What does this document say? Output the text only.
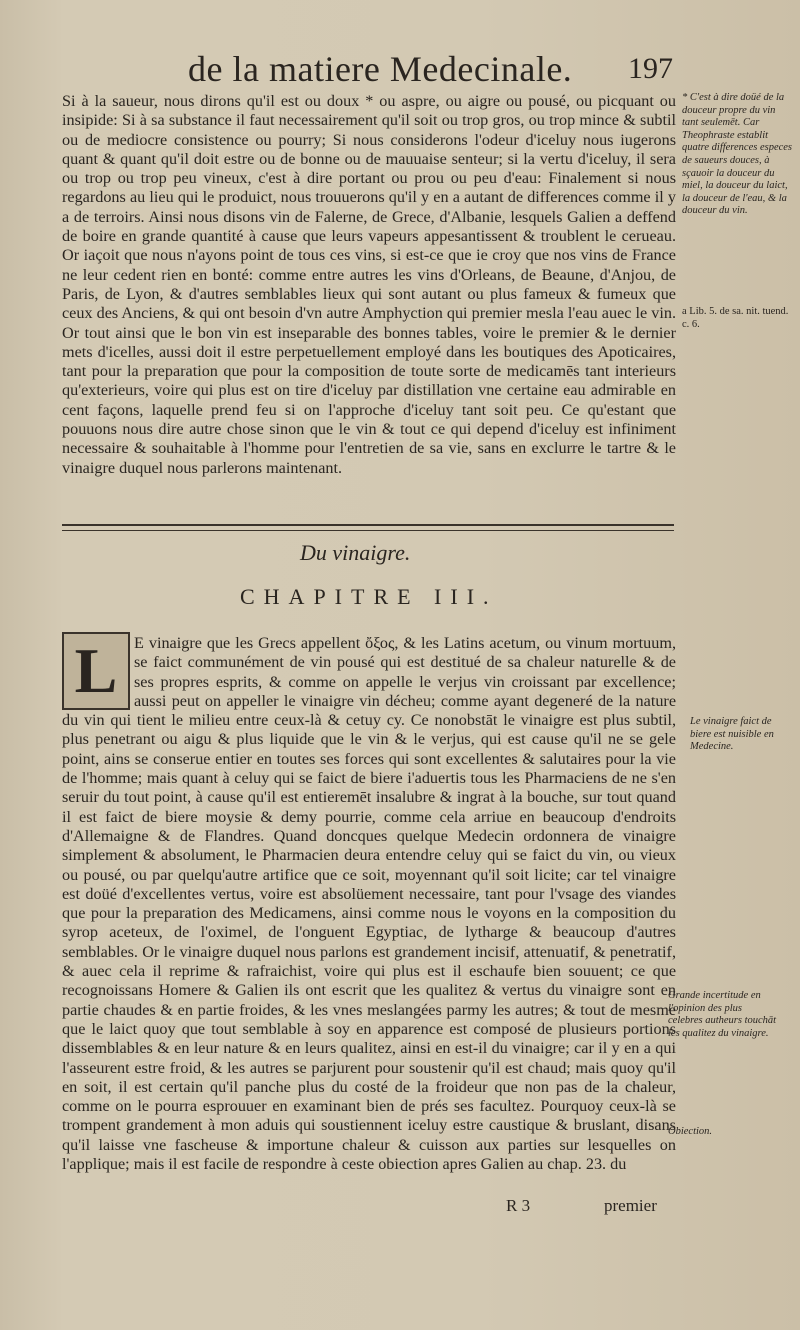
de la matiere Medecinale. 197

Si à la saueur, nous dirons qu'il est ou doux * ou aspre, ou aigre ou pousé, ou picquant ou insipide: Si à sa substance il faut necessairement qu'il soit ou trop gros, ou trop mince & subtil ou de mediocre consistence ou pourry; Si nous considerons l'odeur d'iceluy nous iugerons quant & quant qu'il doit estre ou de bonne ou de mauuaise senteur; si la vertu d'iceluy, il sera ou trop ou trop peu vineux, c'est à dire portant ou prou ou peu d'eau: Finalement si nous regardons au lieu qui le produict, nous trouuerons qu'il y en a autant de differences comme il y a de terroirs. Ainsi nous disons vin de Falerne, de Grece, d'Albanie, lesquels Galien a deffend de boire en grande quantité à cause que leurs vapeurs appesantissent & troublent le cerueau. Or iaçoit que nous n'ayons point de tous ces vins, si est-ce que ie croy que nos vins de France ne leur cedent rien en bonté: comme entre autres les vins d'Orleans, de Beaune, d'Anjou, de Paris, de Lyon, & d'autres semblables lieux qui sont autant ou plus fameux & fumeux que ceux des Anciens, & qui ont besoin d'vn autre Amphyction qui premier mesla l'eau auec le vin. Or tout ainsi que le bon vin est inseparable des bonnes tables, voire le premier & le dernier mets d'icelles, aussi doit il estre perpetuellement employé dans les boutiques des Apoticaires, tant pour la preparation que pour la composition de toute sorte de medicamēs tant interieurs qu'exterieurs, voire qui plus est on tire d'iceluy par distillation vne certaine eau admirable en cent façons, laquelle prend feu si on l'approche d'iceluy tant soit peu. Ce qu'estant que pouuons nous dire autre chose sinon que le vin & tout ce qui depend d'iceluy est infiniment necessaire & souhaitable à l'homme pour l'entretien de sa vie, sans en exclurre le tartre & le vinaigre duquel nous parlerons maintenant.

* C'est à dire doüé de la douceur propre du vin tant seulemēt. Car Theophraste establit quatre differences especes de saueurs douces, à sçauoir la douceur du miel, la douceur du laict, la douceur de l'eau, & la douceur du vin.
a Lib. 5. de sa. nit. tuend. c. 6.
Du vinaigre.
CHAPITRE III.
L	E vinaigre que les Grecs appellent ὄξος, & les Latins acetum, ou vinum mortuum, se faict communément de vin pousé qui est destitué de sa chaleur naturelle & de ses propres esprits, & comme on appelle le verjus vin croissant par excellence; aussi peut on appeller le vinaigre vin décheu; comme ayant degeneré de la nature du vin qui tient le milieu entre ceux-là & cetuy cy. Ce nonobstāt le vinaigre est plus subtil, plus penetrant ou aigu & plus liquide que le vin & le verjus, qui est cause qu'il ne se gele point, ains se conserue entier en toutes ses forces qui sont excellentes & salutaires pour la vie de l'homme; mais quant à celuy qui se faict de biere i'aduertis tous les Pharmaciens de ne s'en seruir du tout point, à cause qu'il est entieremēt insalubre & ingrat à la bouche, sur tout quand il est faict de biere moysie & demy pourrie, comme cela arriue en beaucoup d'endroits d'Allemaigne & de Flandres. Quand doncques quelque Medecin ordonnera de vinaigre simplement & absolument, le Pharmacien deura entendre celuy qui se faict du vin, ou vieux ou pousé, ou par quelqu'autre artifice que ce soit, moyennant qu'il soit licite; car tel vinaigre est doüé d'excellentes vertus, voire est absolüement necessaire, tant pour l'vsage des viandes que pour la preparation des Medicamens, ainsi comme nous le voyons en la composition du syrop aceteux, de l'oximel, de l'onguent Egyptiac, de lytharge & beaucoup d'autres semblables. Or le vinaigre duquel nous parlons est grandement incisif, attenuatif, & penetratif, & auec cela il reprime & rafraichist, voire qui plus est il eschaufe bien souuent; ce que recognoissans Homere & Galien ils ont escrit que les qualitez & vertus du vinaigre sont en partie chaudes & en partie froides, & les vnes meslangées parmy les autres; & tout de mesme que le laict quoy que tout semblable à soy en apparence est composé de plusieurs portions dissemblables & en leur nature & en leurs qualitez, ainsi en est-il du vinaigre; car il y en a qui l'asseurent estre froid, & les autres se parjurent pour soustenir qu'il est chaud; mais quoy qu'il en soit, il est certain qu'il panche plus du costé de la froideur que non pas de la chaleur, comme on le pourra esprouuer en examinant bien de prés ses facultez. Pourquoy ceux-là se trompent grandement à mon aduis qui soustiennent iceluy estre caustique & bruslant, disans qu'il laisse vne fascheuse & importune chaleur & cuisson aux parties sur lesquelles on l'applique; mais il est facile de respondre à ceste obiection apres Galien au chap. 23. du

Le vinaigre faict de biere est nuisible en Medecine.
Grande incertitude en l'opinion des plus celebres autheurs touchāt les qualitez du vinaigre.
Obiection.
R 3	premier
